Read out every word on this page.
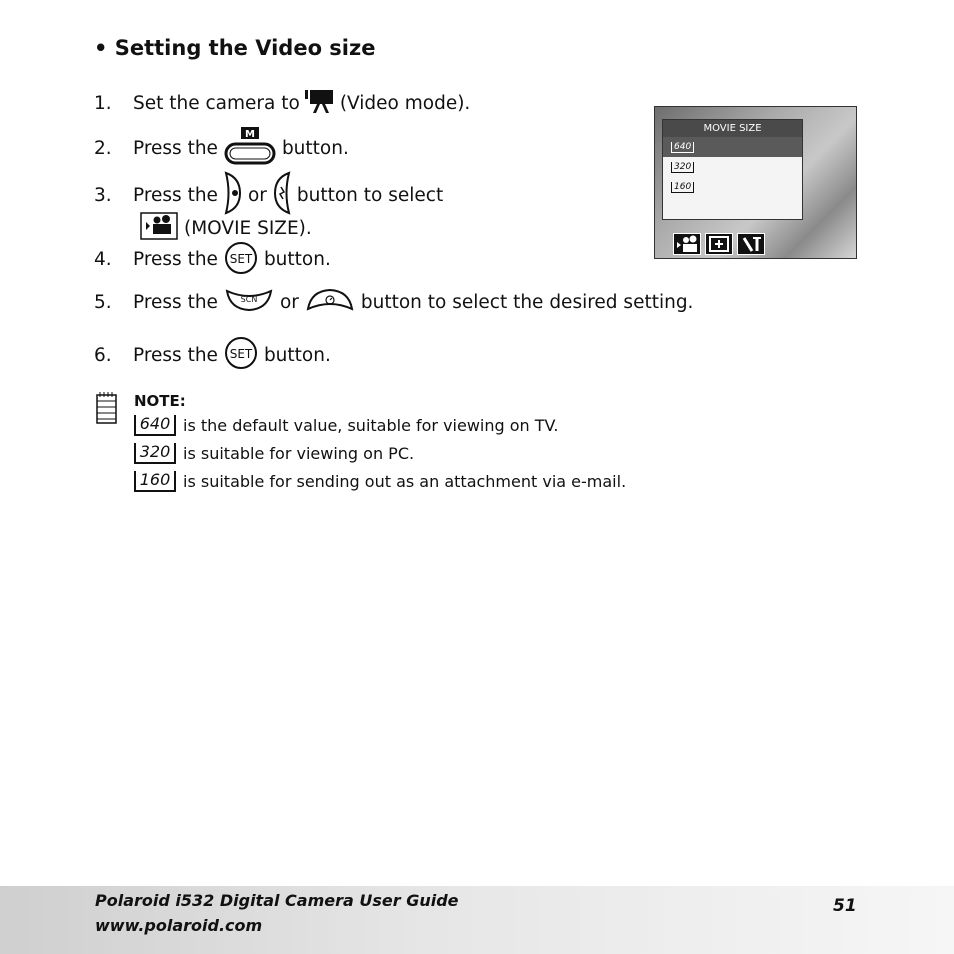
• Setting the Video size
1.	Set the camera to (Video mode).
2.	Press the
M
button.
3.	Press the or button to select
(MOVIE SIZE).
4.	Press the SET button.
5.	Press the	SCN or	button to select the desired setting.
6.	Press the SET button.
MOVIE SIZE
640
320
160
NOTE:
640 is the default value, suitable for viewing on TV.
320 is suitable for viewing on PC.
160 is suitable for sending out as an attachment via e-mail.
Polaroid i532 Digital Camera User Guide
www.polaroid.com
51
